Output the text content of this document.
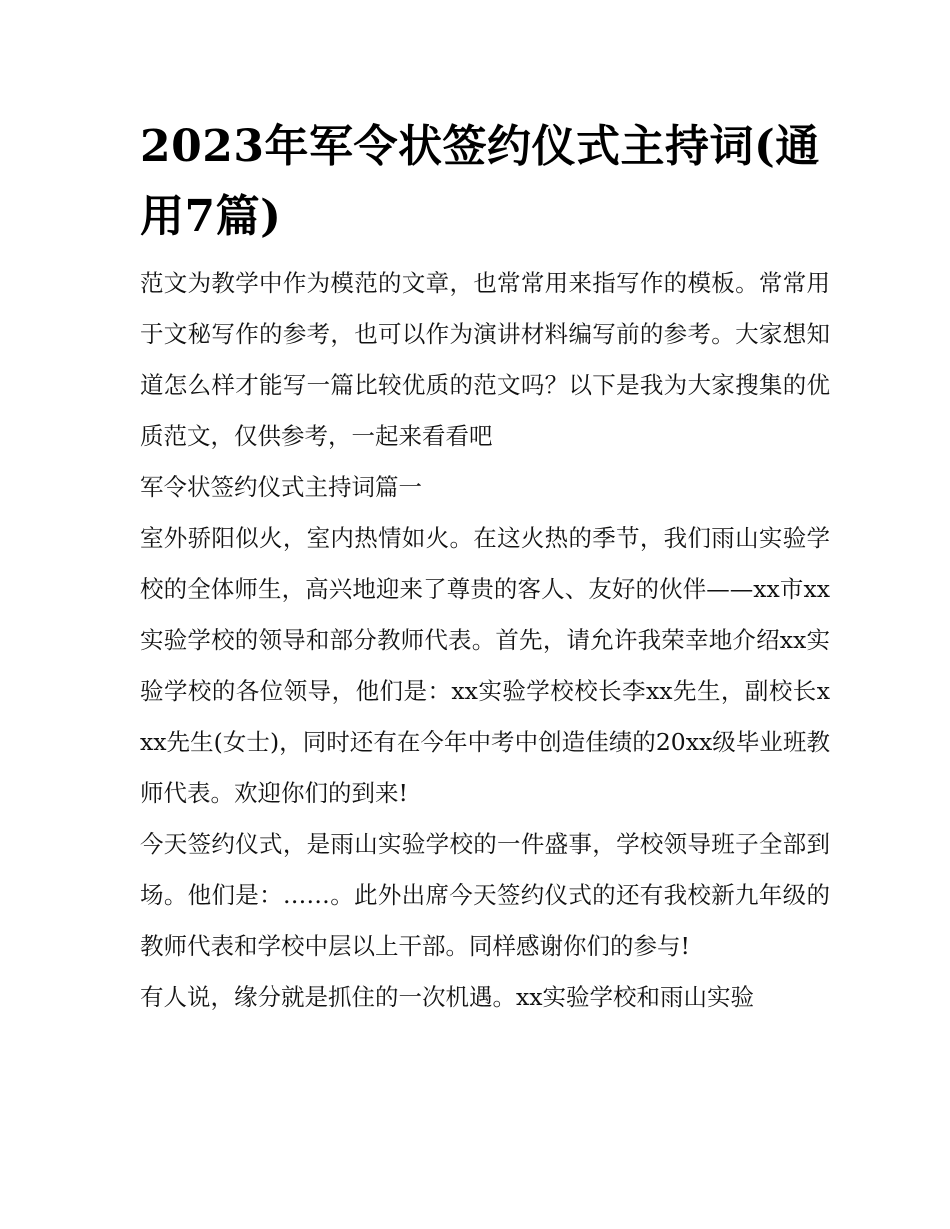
2023年军令状签约仪式主持词(通用7篇)

范文为教学中作为模范的文章，也常常用来指写作的模板。常常用于文秘写作的参考，也可以作为演讲材料编写前的参考。大家想知道怎么样才能写一篇比较优质的范文吗？以下是我为大家搜集的优质范文，仅供参考，一起来看看吧

军令状签约仪式主持词篇一

室外骄阳似火，室内热情如火。在这火热的季节，我们雨山实验学校的全体师生，高兴地迎来了尊贵的客人、友好的伙伴——xx市xx实验学校的领导和部分教师代表。首先，请允许我荣幸地介绍xx实验学校的各位领导，他们是：xx实验学校校长李xx先生，副校长xxx先生(女士)，同时还有在今年中考中创造佳绩的20xx级毕业班教师代表。欢迎你们的到来!

今天签约仪式，是雨山实验学校的一件盛事，学校领导班子全部到场。他们是：……。此外出席今天签约仪式的还有我校新九年级的教师代表和学校中层以上干部。同样感谢你们的参与!

有人说，缘分就是抓住的一次机遇。xx实验学校和雨山实验
